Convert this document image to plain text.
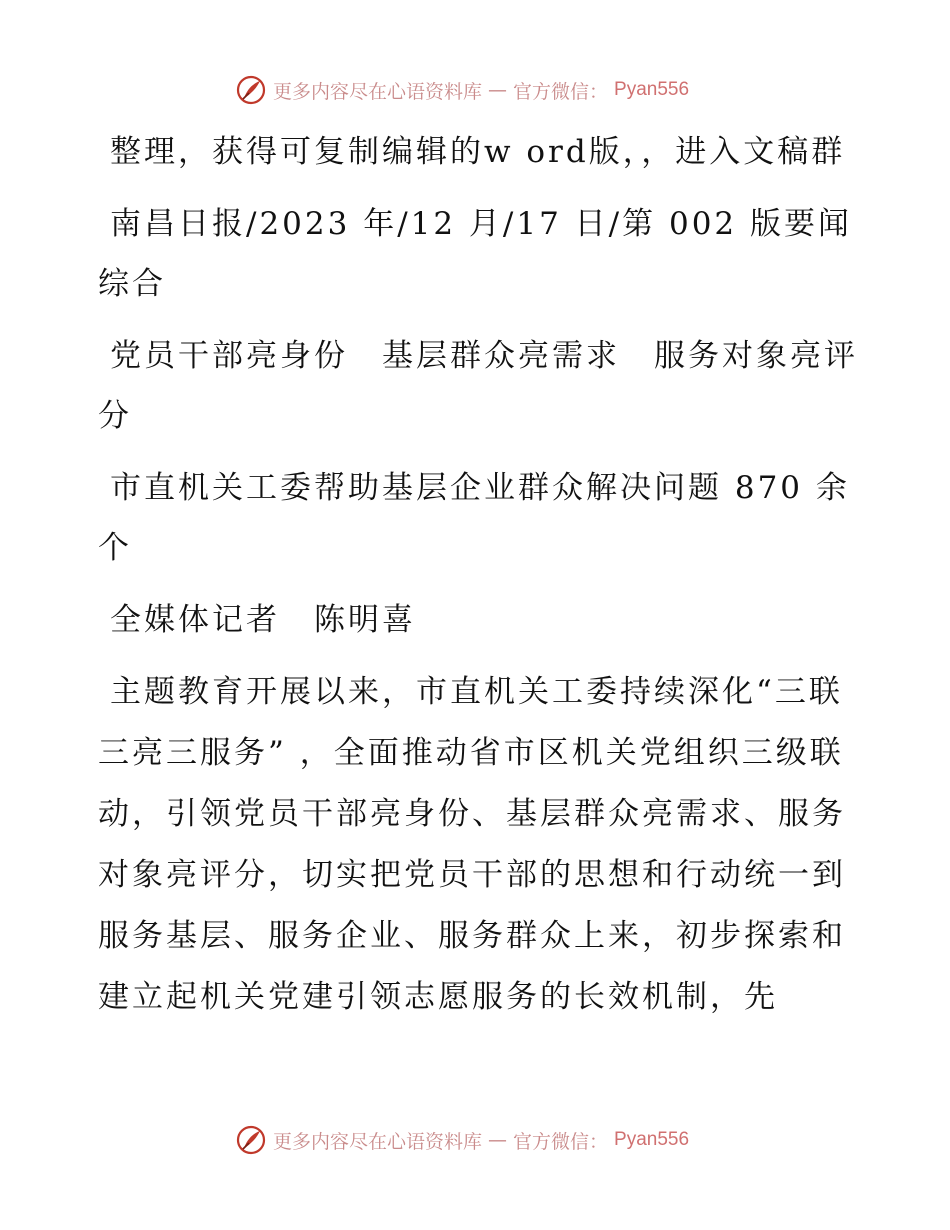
更多内容尽在心语资料库 — 官方微信： Pyan556

整理，获得可复制编辑的w ord版，，进入文稿群

南昌日报/2023 年/12 月/17 日/第 002 版要闻综合

党员干部亮身份　基层群众亮需求　服务对象亮评分

市直机关工委帮助基层企业群众解决问题 870 余个

全媒体记者　陈明喜

主题教育开展以来，市直机关工委持续深化“三联三亮三服务” ，全面推动省市区机关党组织三级联动，引领党员干部亮身份、基层群众亮需求、服务对象亮评分，切实把党员干部的思想和行动统一到服务基层、服务企业、服务群众上来，初步探索和建立起机关党建引领志愿服务的长效机制，先

更多内容尽在心语资料库 — 官方微信： Pyan556
